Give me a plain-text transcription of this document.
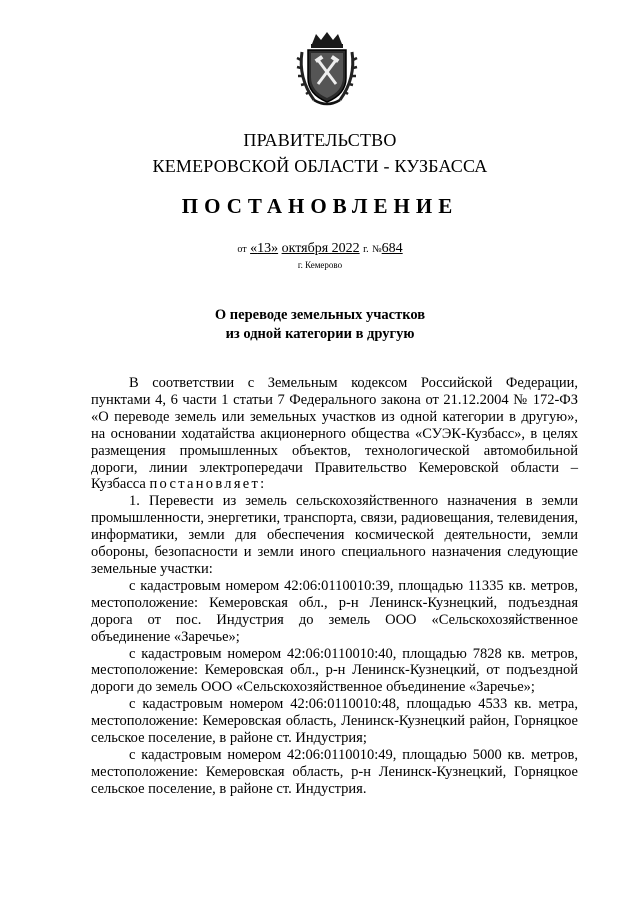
ПРАВИТЕЛЬСТВО
КЕМЕРОВСКОЙ ОБЛАСТИ - КУЗБАССА
ПОСТАНОВЛЕНИЕ
от «13» октября 2022 г. №684
г. Кемерово
О переводе земельных участков
из одной категории в другую

В соответствии с Земельным кодексом Российской Федерации, пунктами 4, 6 части 1 статьи 7 Федерального закона от 21.12.2004 № 172-ФЗ «О переводе земель или земельных участков из одной категории в другую», на основании ходатайства акционерного общества «СУЭК-Кузбасс», в целях размещения промышленных объектов, технологической автомобильной дороги, линии электропередачи Правительство Кемеровской области – Кузбасса постановляет:

1. Перевести из земель сельскохозяйственного назначения в земли промышленности, энергетики, транспорта, связи, радиовещания, телевидения, информатики, земли для обеспечения космической деятельности, земли обороны, безопасности и земли иного специального назначения следующие земельные участки:

с кадастровым номером 42:06:0110010:39, площадью 11335 кв. метров, местоположение: Кемеровская обл., р-н Ленинск-Кузнецкий, подъездная дорога от пос. Индустрия до земель ООО «Сельскохозяйственное объединение «Заречье»;

с кадастровым номером 42:06:0110010:40, площадью 7828 кв. метров, местоположение: Кемеровская обл., р-н Ленинск-Кузнецкий, от подъездной дороги до земель ООО «Сельскохозяйственное объединение «Заречье»;

с кадастровым номером 42:06:0110010:48, площадью 4533 кв. метра, местоположение: Кемеровская область, Ленинск-Кузнецкий район, Горняцкое сельское поселение, в районе ст. Индустрия;

с кадастровым номером 42:06:0110010:49, площадью 5000 кв. метров, местоположение: Кемеровская область, р-н Ленинск-Кузнецкий, Горняцкое сельское поселение, в районе ст. Индустрия.
